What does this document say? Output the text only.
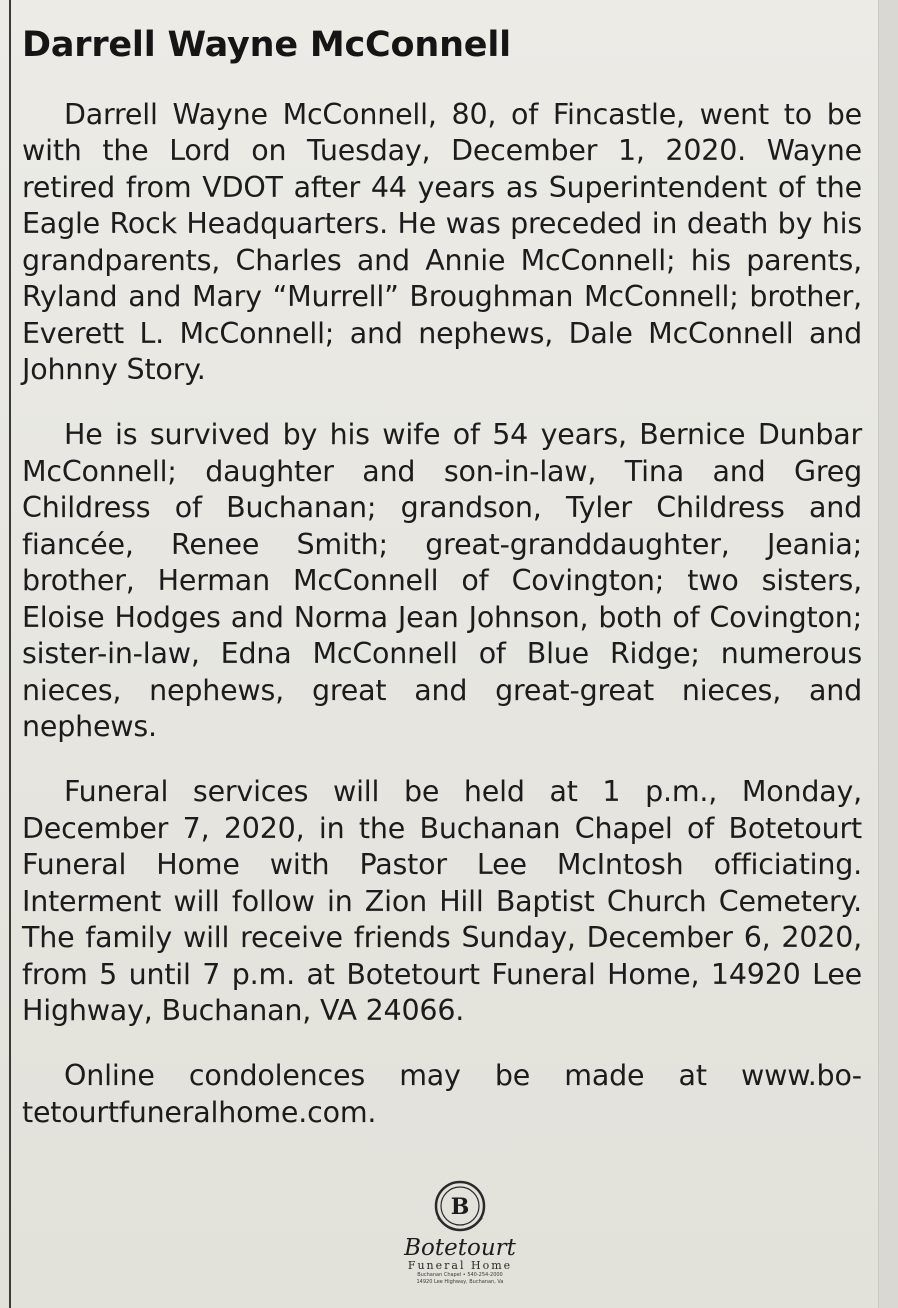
Darrell Wayne McConnell

Darrell Wayne McConnell, 80, of Fincastle, went to be with the Lord on Tuesday, December 1, 2020. Wayne retired from VDOT after 44 years as Superintendent of the Eagle Rock Headquarters. He was preceded in death by his grandparents, Charles and Annie McConnell; his parents, Ryland and Mary “Murrell” Broughman McConnell; brother, Everett L. McConnell; and nephews, Dale McConnell and Johnny Story.

He is survived by his wife of 54 years, Bernice Dunbar McConnell; daughter and son-in-law, Tina and Greg Childress of Buchanan; grandson, Tyler Childress and fiancée, Renee Smith; great-granddaughter, Jeania; brother, Herman McConnell of Covington; two sisters, Eloise Hodges and Norma Jean Johnson, both of Covington; sister-in-law, Edna McConnell of Blue Ridge; numerous nieces, nephews, great and great-great nieces, and nephews.

Funeral services will be held at 1 p.m., Monday, December 7, 2020, in the Buchanan Chapel of Botetourt Funeral Home with Pastor Lee McIntosh officiating. Interment will follow in Zion Hill Baptist Church Cemetery. The family will receive friends Sunday, December 6, 2020, from 5 until 7 p.m. at Botetourt Funeral Home, 14920 Lee Highway, Buchanan, VA 24066.

Online condolences may be made at www.botetourtfuneralhome.com.

B
Botetourt
Funeral Home
Buchanan Chapel • 540-254-2000
14920 Lee Highway, Buchanan, Va
